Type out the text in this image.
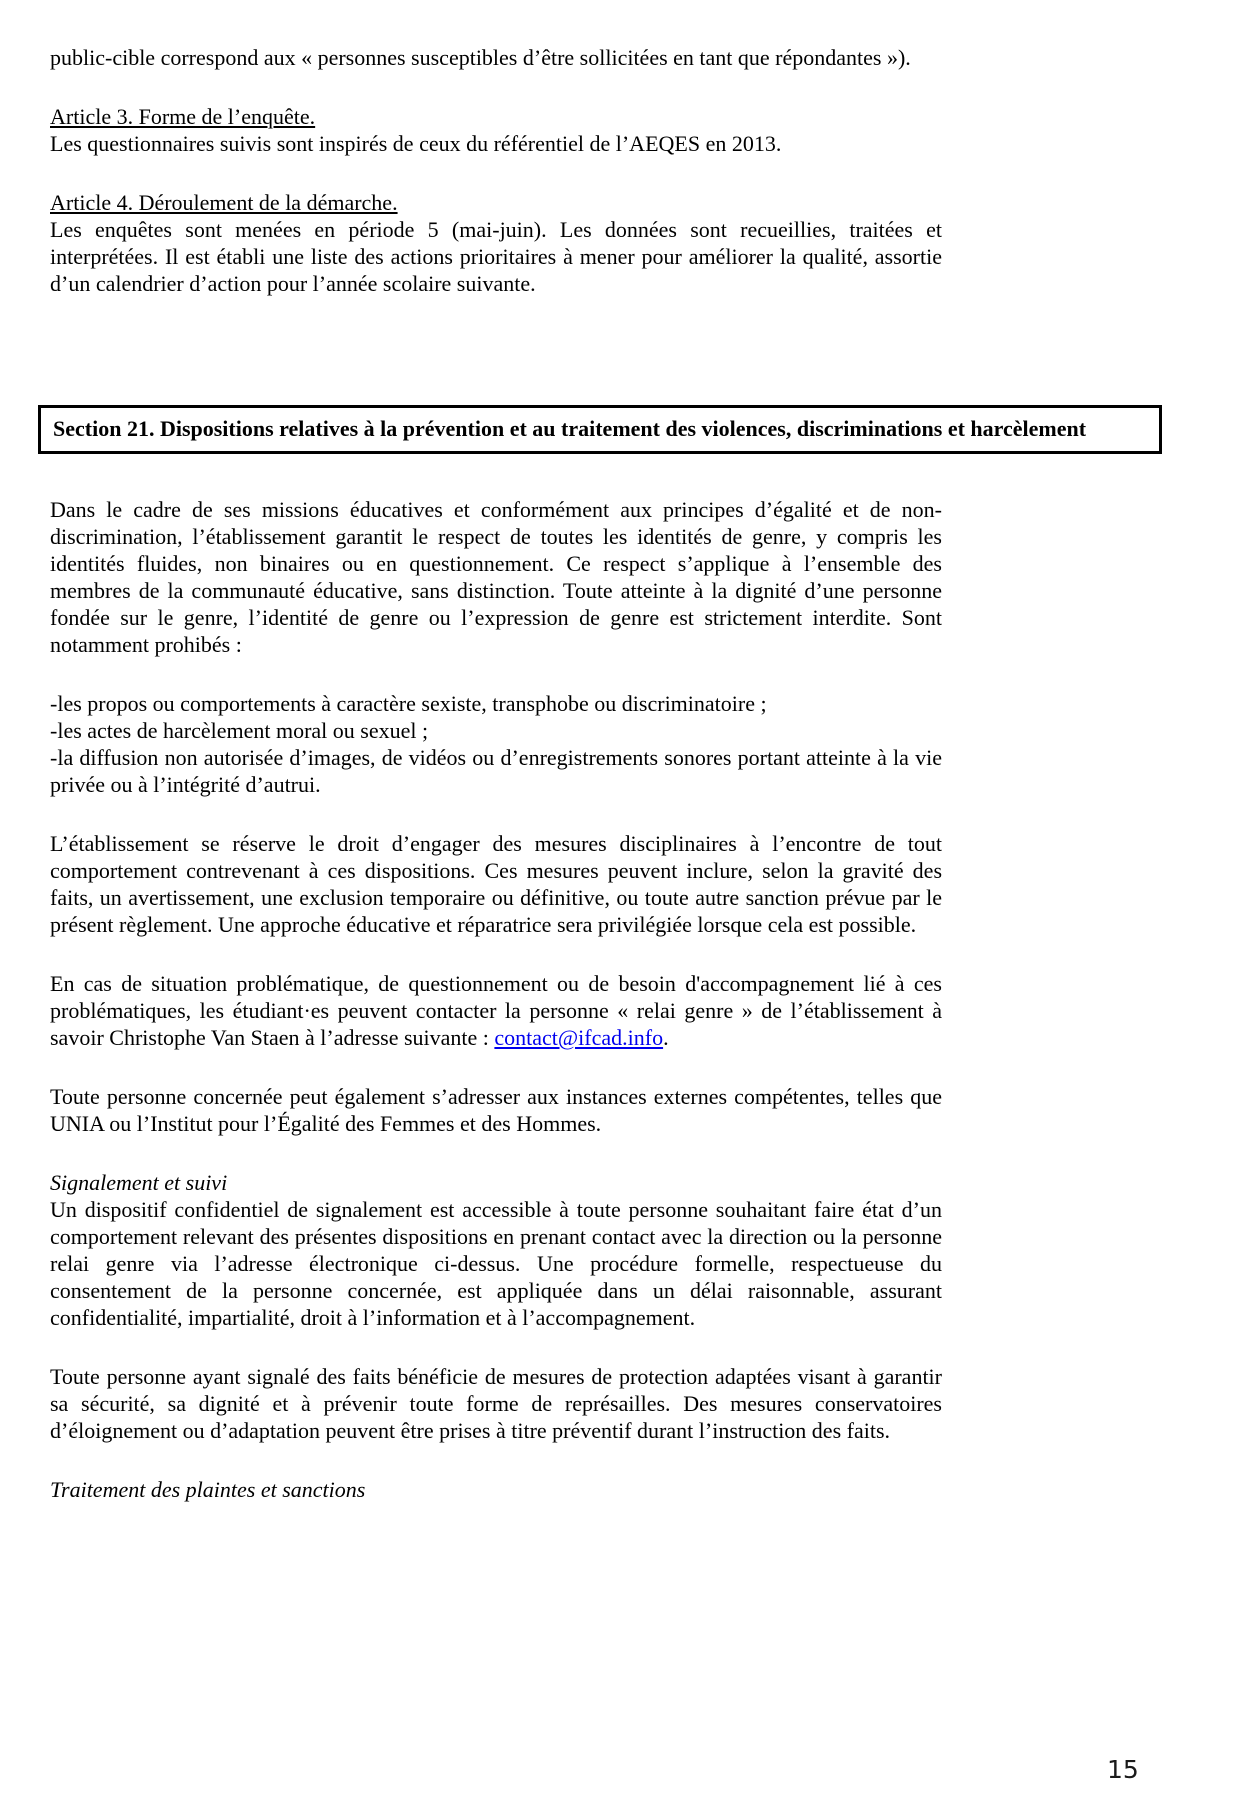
public-cible correspond aux « personnes susceptibles d’être sollicitées en tant que répondantes »).

Article 3. Forme de l’enquête.

Les questionnaires suivis sont inspirés de ceux du référentiel de l’AEQES en 2013.

Article 4. Déroulement de la démarche.

Les enquêtes sont menées en période 5 (mai-juin). Les données sont recueillies, traitées et interprétées. Il est établi une liste des actions prioritaires à mener pour améliorer la qualité, assortie d’un calendrier d’action pour l’année scolaire suivante.

Section 21. Dispositions relatives à la prévention et au traitement des violences, discriminations et harcèlement

Dans le cadre de ses missions éducatives et conformément aux principes d’égalité et de non-discrimination, l’établissement garantit le respect de toutes les identités de genre, y compris les identités fluides, non binaires ou en questionnement. Ce respect s’applique à l’ensemble des membres de la communauté éducative, sans distinction. Toute atteinte à la dignité d’une personne fondée sur le genre, l’identité de genre ou l’expression de genre est strictement interdite. Sont notamment prohibés :

-les propos ou comportements à caractère sexiste, transphobe ou discriminatoire ;

-les actes de harcèlement moral ou sexuel ;

-la diffusion non autorisée d’images, de vidéos ou d’enregistrements sonores portant atteinte à la vie privée ou à l’intégrité d’autrui.

L’établissement se réserve le droit d’engager des mesures disciplinaires à l’encontre de tout comportement contrevenant à ces dispositions. Ces mesures peuvent inclure, selon la gravité des faits, un avertissement, une exclusion temporaire ou définitive, ou toute autre sanction prévue par le présent règlement. Une approche éducative et réparatrice sera privilégiée lorsque cela est possible.

En cas de situation problématique, de questionnement ou de besoin d'accompagnement lié à ces problématiques, les étudiant·es peuvent contacter la personne « relai genre » de l’établissement à savoir Christophe Van Staen à l’adresse suivante : contact@ifcad.info.

Toute personne concernée peut également s’adresser aux instances externes compétentes, telles que UNIA ou l’Institut pour l’Égalité des Femmes et des Hommes.

Signalement et suivi

Un dispositif confidentiel de signalement est accessible à toute personne souhaitant faire état d’un comportement relevant des présentes dispositions en prenant contact avec la direction ou la personne relai genre via l’adresse électronique ci-dessus. Une procédure formelle, respectueuse du consentement de la personne concernée, est appliquée dans un délai raisonnable, assurant confidentialité, impartialité, droit à l’information et à l’accompagnement.

Toute personne ayant signalé des faits bénéficie de mesures de protection adaptées visant à garantir sa sécurité, sa dignité et à prévenir toute forme de représailles. Des mesures conservatoires d’éloignement ou d’adaptation peuvent être prises à titre préventif durant l’instruction des faits.

Traitement des plaintes et sanctions

15
